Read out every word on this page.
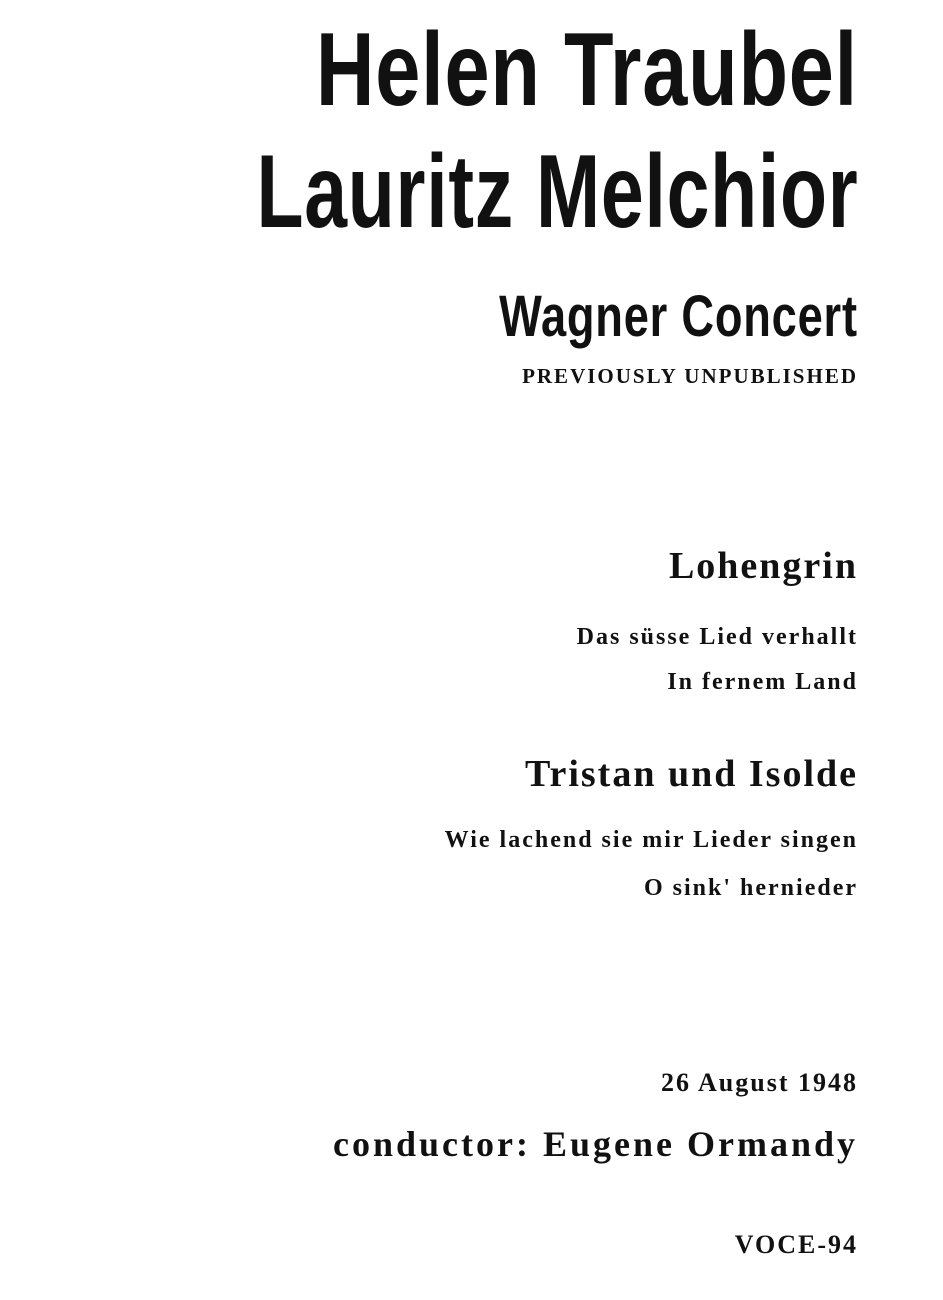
Helen Traubel
Lauritz Melchior
Wagner Concert
PREVIOUSLY UNPUBLISHED
Lohengrin
Das süsse Lied verhallt
In fernem Land
Tristan und Isolde
Wie lachend sie mir Lieder singen
O sink' hernieder
26 August 1948
conductor: Eugene Ormandy
VOCE-94
